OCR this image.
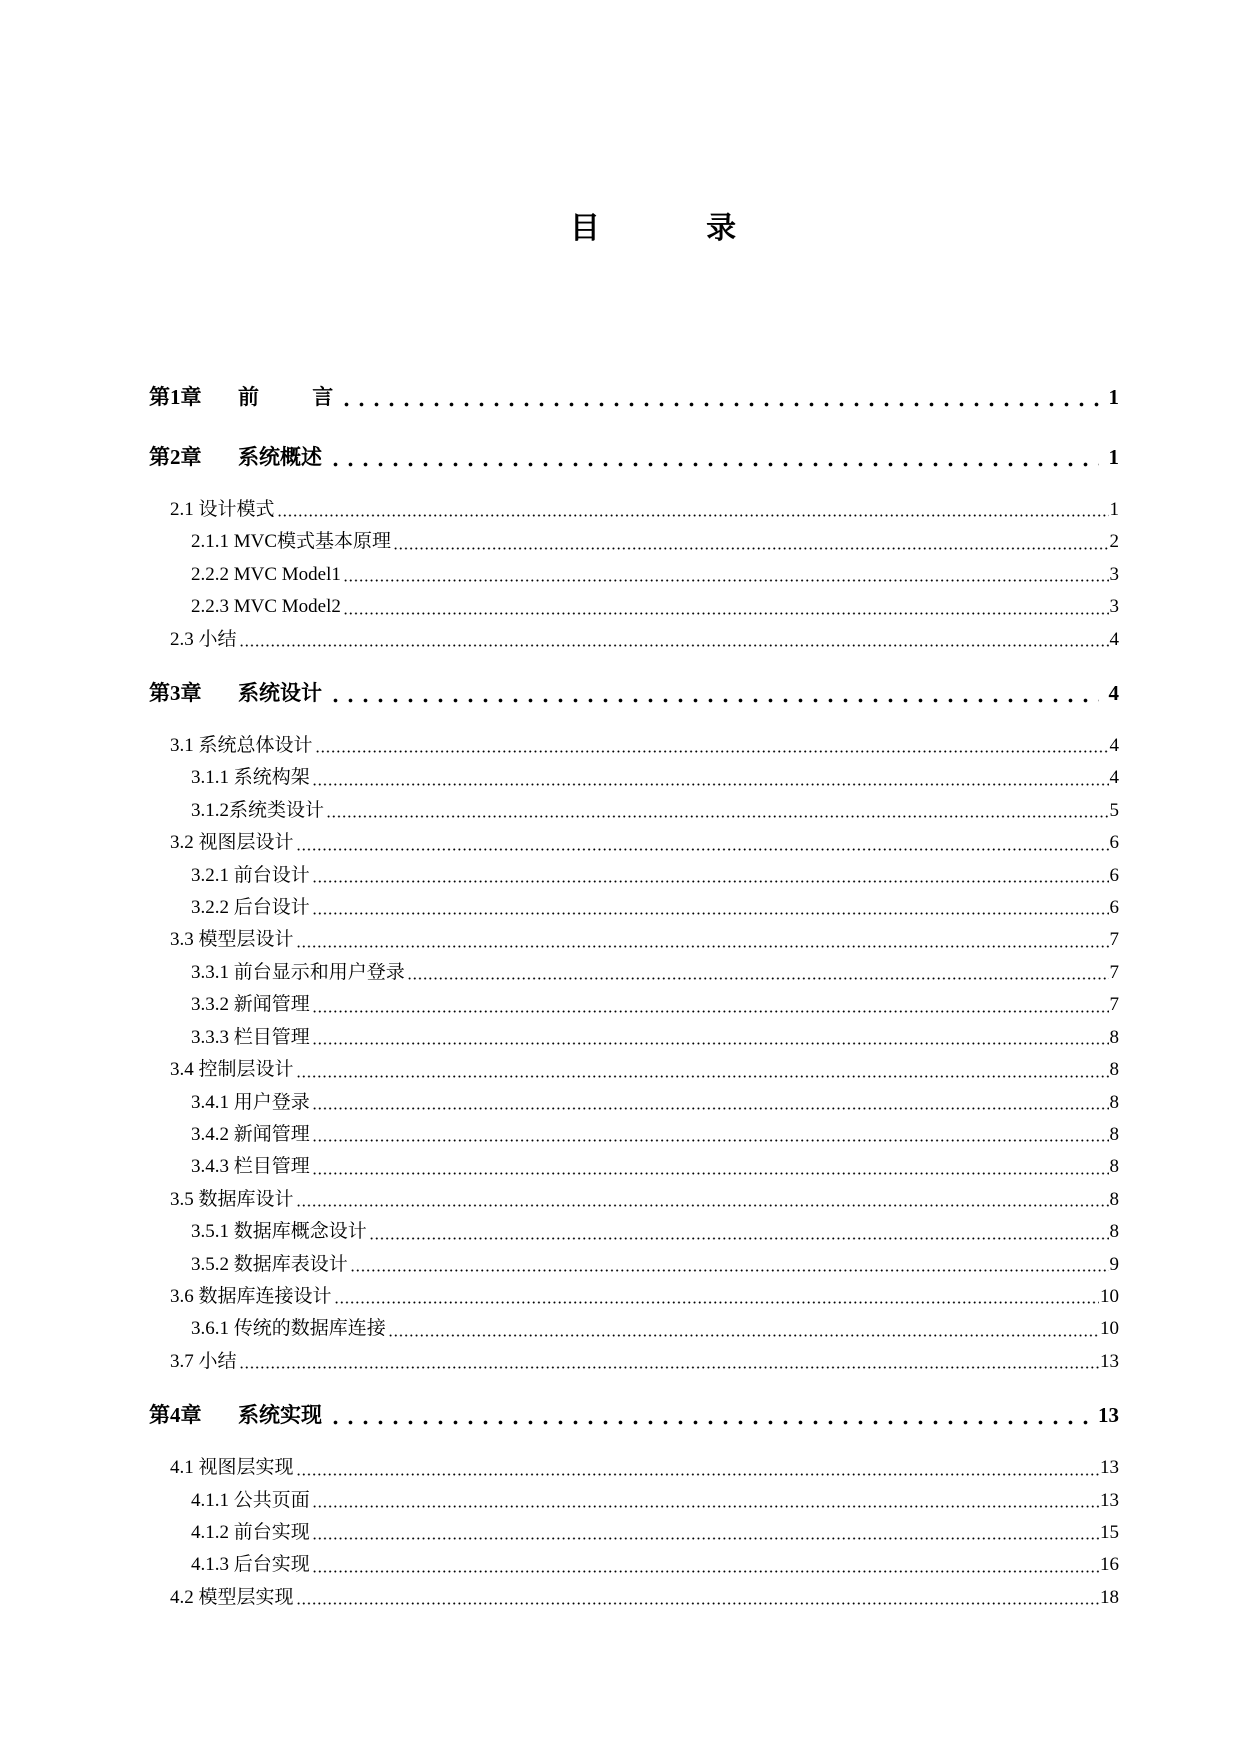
目 录
第1章	前 言	1
第2章	系统概述	1
2.1 设计模式	1
2.1.1 MVC模式基本原理	2
2.2.2 MVC Model1	3
2.2.3 MVC Model2	3
2.3 小结	4
第3章	系统设计	4
3.1 系统总体设计	4
3.1.1 系统构架	4
3.1.2系统类设计	5
3.2 视图层设计	6
3.2.1 前台设计	6
3.2.2 后台设计	6
3.3 模型层设计	7
3.3.1 前台显示和用户登录	7
3.3.2 新闻管理	7
3.3.3 栏目管理	8
3.4 控制层设计	8
3.4.1 用户登录	8
3.4.2 新闻管理	8
3.4.3 栏目管理	8
3.5 数据库设计	8
3.5.1 数据库概念设计	8
3.5.2 数据库表设计	9
3.6 数据库连接设计	10
3.6.1 传统的数据库连接	10
3.7 小结	13
第4章	系统实现	13
4.1 视图层实现	13
4.1.1 公共页面	13
4.1.2 前台实现	15
4.1.3 后台实现	16
4.2 模型层实现	18
